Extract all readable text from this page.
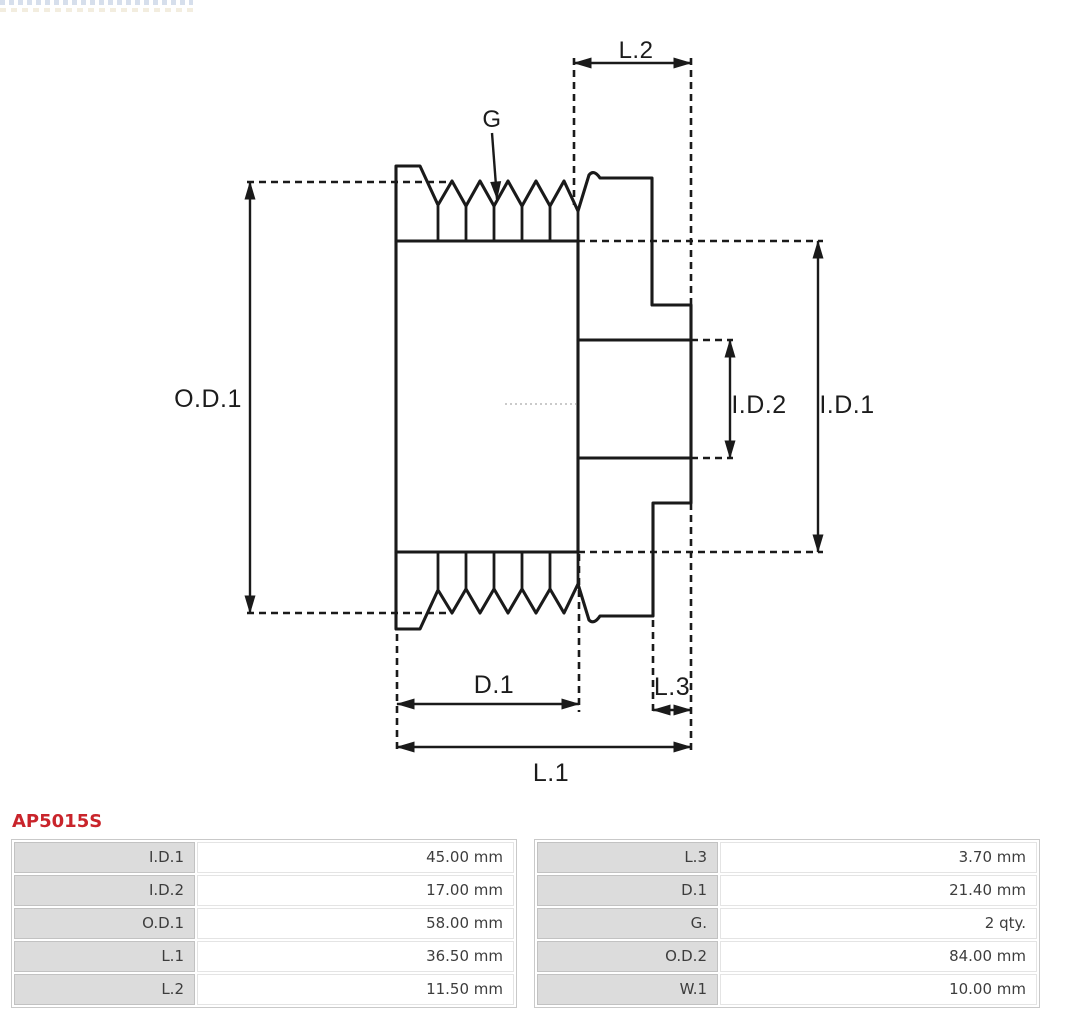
L.2
G
O.D.1	I.D.2 I.D.1
D.1	L.3
L.1
AP5015S
I.D.1	45.00 mm
I.D.2	17.00 mm
O.D.1	58.00 mm
L.1	36.50 mm
L.2	11.50 mm
L.3	3.70 mm
D.1	21.40 mm
G.	2 qty.
O.D.2	84.00 mm
W.1	10.00 mm
